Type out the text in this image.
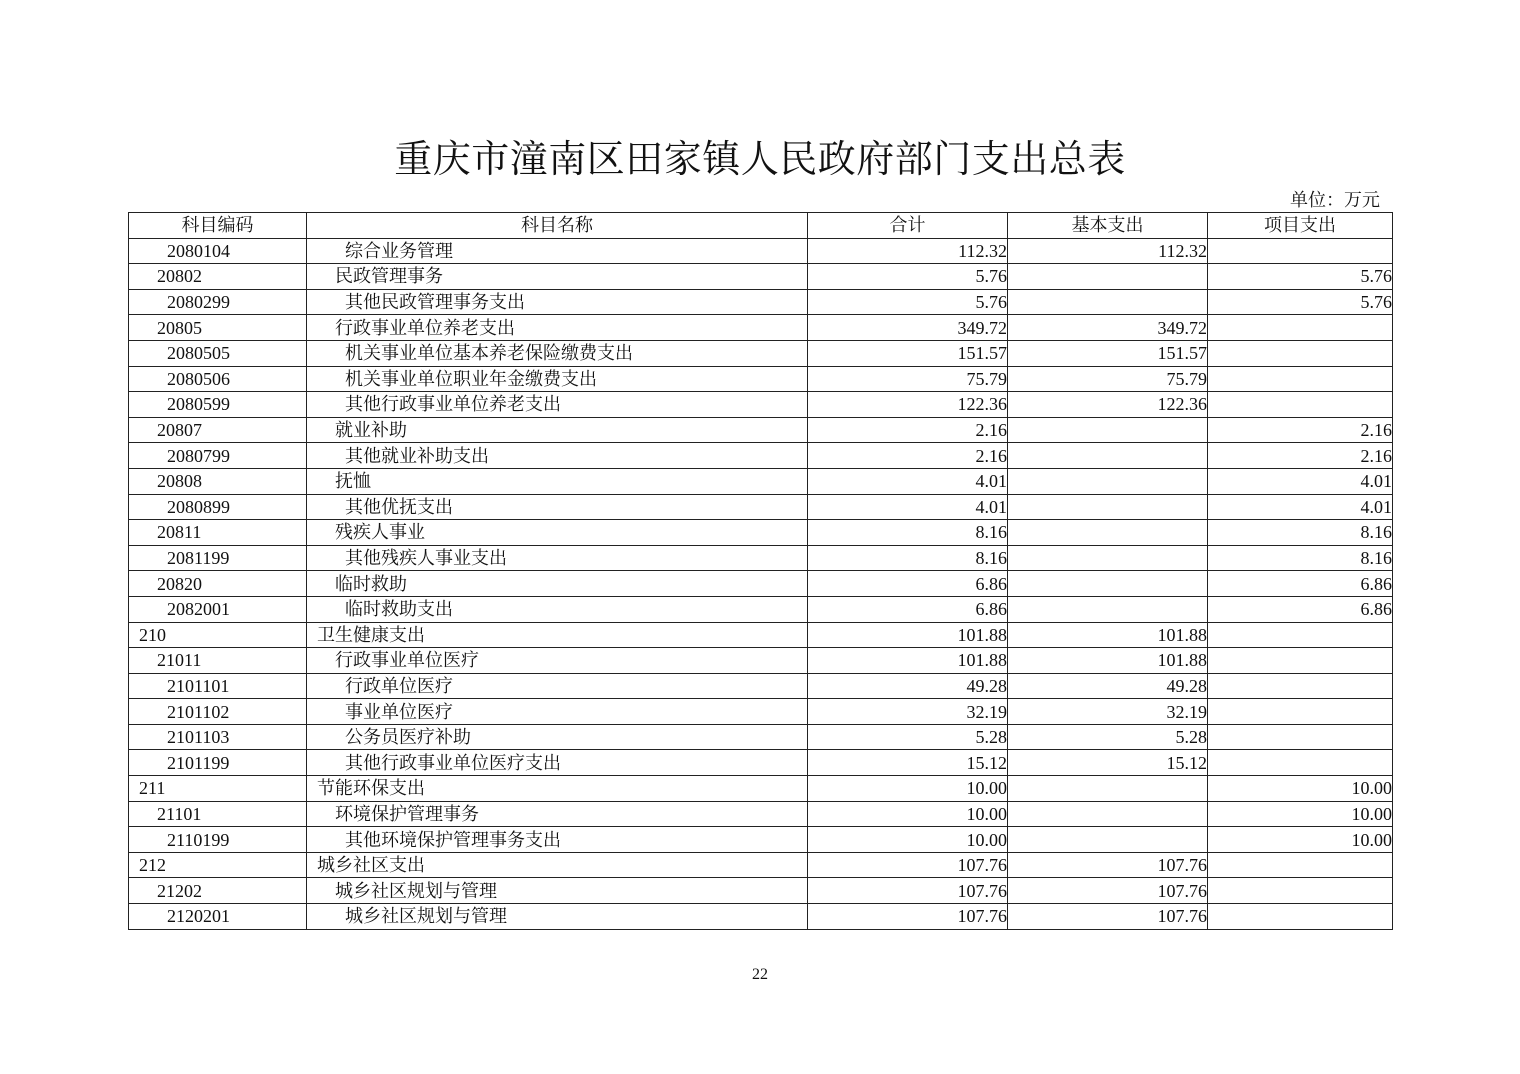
重庆市潼南区田家镇人民政府部门支出总表
单位：万元
科目编码	科目名称	合计	基本支出	项目支出
2080104	综合业务管理	112.32	112.32	
20802	民政管理事务	5.76		5.76
2080299	其他民政管理事务支出	5.76		5.76
20805	行政事业单位养老支出	349.72	349.72	
2080505	机关事业单位基本养老保险缴费支出	151.57	151.57	
2080506	机关事业单位职业年金缴费支出	75.79	75.79	
2080599	其他行政事业单位养老支出	122.36	122.36	
20807	就业补助	2.16		2.16
2080799	其他就业补助支出	2.16		2.16
20808	抚恤	4.01		4.01
2080899	其他优抚支出	4.01		4.01
20811	残疾人事业	8.16		8.16
2081199	其他残疾人事业支出	8.16		8.16
20820	临时救助	6.86		6.86
2082001	临时救助支出	6.86		6.86
210	卫生健康支出	101.88	101.88	
21011	行政事业单位医疗	101.88	101.88	
2101101	行政单位医疗	49.28	49.28	
2101102	事业单位医疗	32.19	32.19	
2101103	公务员医疗补助	5.28	5.28	
2101199	其他行政事业单位医疗支出	15.12	15.12	
211	节能环保支出	10.00		10.00
21101	环境保护管理事务	10.00		10.00
2110199	其他环境保护管理事务支出	10.00		10.00
212	城乡社区支出	107.76	107.76	
21202	城乡社区规划与管理	107.76	107.76	
2120201	城乡社区规划与管理	107.76	107.76	
22
